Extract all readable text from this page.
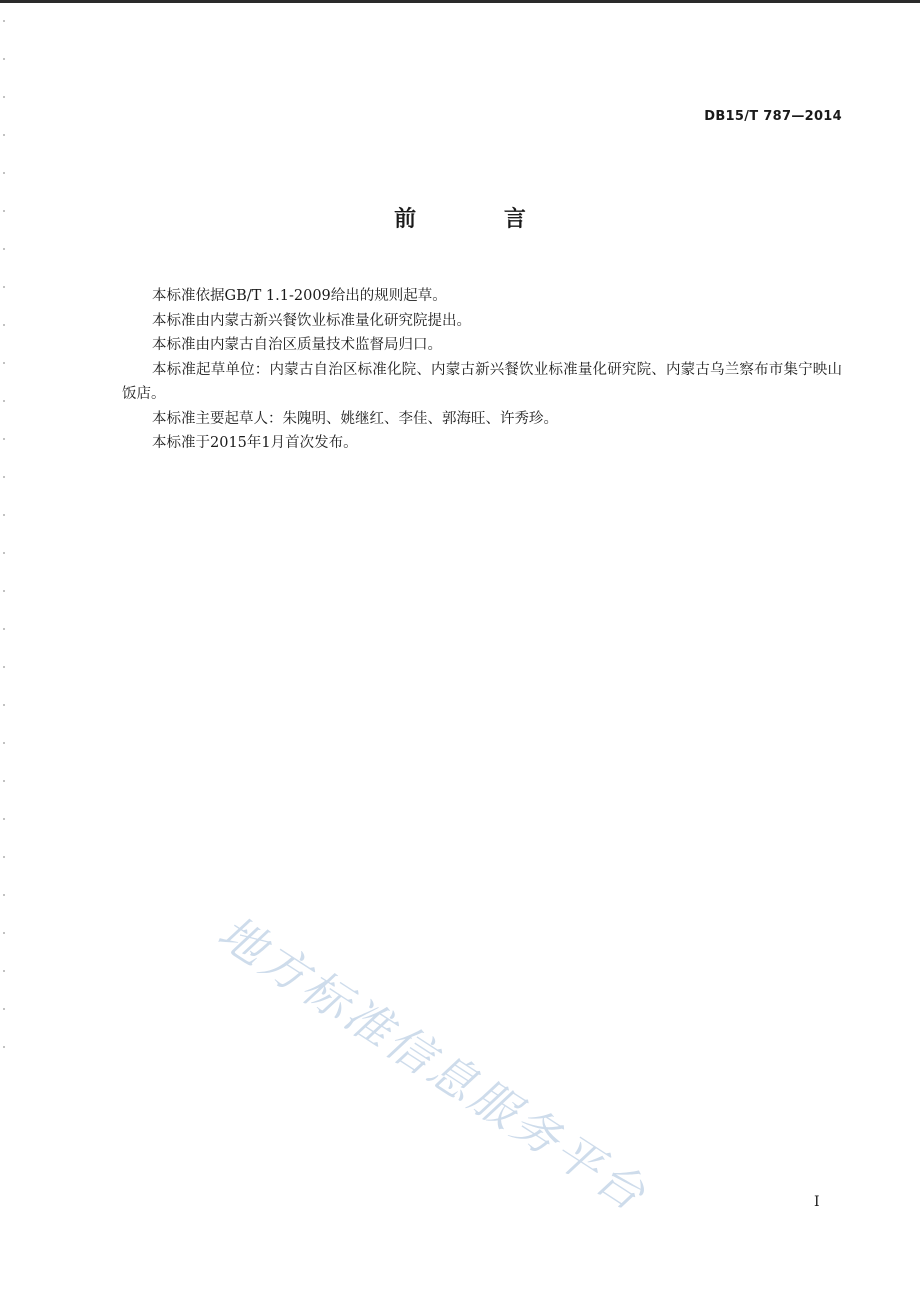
DB15/T 787—2014
前 言

本标准依据GB/T 1.1-2009给出的规则起草。

本标准由内蒙古新兴餐饮业标准量化研究院提出。

本标准由内蒙古自治区质量技术监督局归口。

本标准起草单位：内蒙古自治区标准化院、内蒙古新兴餐饮业标准量化研究院、内蒙古乌兰察布市集宁映山饭店。

本标准主要起草人：朱隗明、姚继红、李佳、郭海旺、许秀珍。

本标准于2015年1月首次发布。

地方标准信息服务平台	I
